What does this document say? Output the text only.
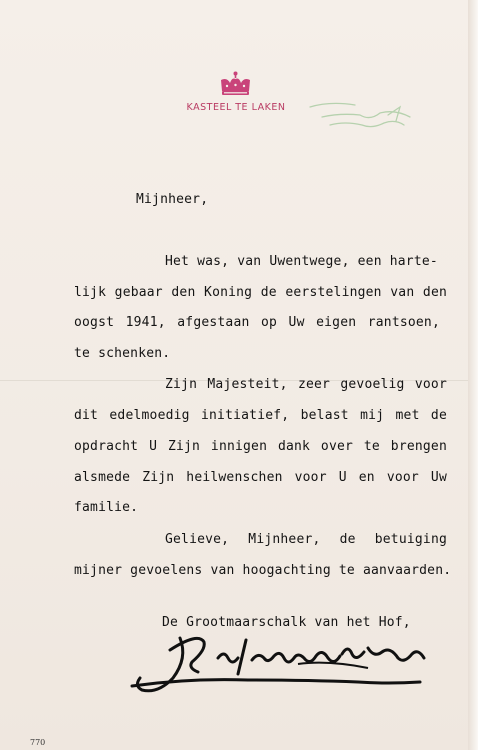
KASTEEL TE LAKEN
Mijnheer,
Het was, van Uwentwege, een harte-
lijk gebaar den Koning de eerstelingen van den
oogst 1941, afgestaan op Uw eigen rantsoen,
te schenken.
Zijn Majesteit, zeer gevoelig voor
dit edelmoedig initiatief, belast mij met de
opdracht U Zijn innigen dank over te brengen
alsmede Zijn heilwenschen voor U en voor Uw
familie.
Gelieve, Mijnheer, de betuiging
mijner gevoelens van hoogachting te aanvaarden.
De Grootmaarschalk van het Hof,
770
